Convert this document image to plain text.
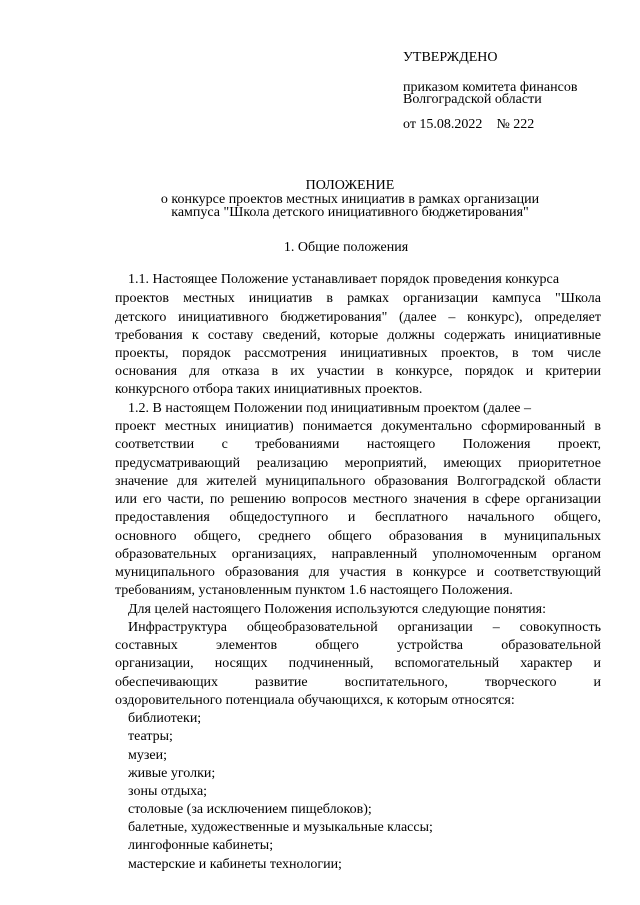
УТВЕРЖДЕНО
приказом комитета финансов
Волгоградской области
от 15.08.2022 № 222
ПОЛОЖЕНИЕ
о конкурсе проектов местных инициатив в рамках организации
кампуса "Школа детского инициативного бюджетирования"
1. Общие положения
1.1. Настоящее Положение устанавливает порядок проведения конкурса
проектов местных инициатив в рамках организации кампуса "Школа
детского инициативного бюджетирования" (далее – конкурс), определяет
требования к составу сведений, которые должны содержать инициативные
проекты, порядок рассмотрения инициативных проектов, в том числе
основания для отказа в их участии в конкурсе, порядок и критерии
конкурсного отбора таких инициативных проектов.
1.2. В настоящем Положении под инициативным проектом (далее –
проект местных инициатив) понимается документально сформированный в
соответствии с требованиями настоящего Положения проект,
предусматривающий реализацию мероприятий, имеющих приоритетное
значение для жителей муниципального образования Волгоградской области
или его части, по решению вопросов местного значения в сфере организации
предоставления общедоступного и бесплатного начального общего,
основного общего, среднего общего образования в муниципальных
образовательных организациях, направленный уполномоченным органом
муниципального образования для участия в конкурсе и соответствующий
требованиям, установленным пунктом 1.6 настоящего Положения.
Для целей настоящего Положения используются следующие понятия:
Инфраструктура общеобразовательной организации – совокупность
составных элементов общего устройства образовательной
организации, носящих подчиненный, вспомогательный характер и
обеспечивающих развитие воспитательного, творческого и
оздоровительного потенциала обучающихся, к которым относятся:
библиотеки;
театры;
музеи;
живые уголки;
зоны отдыха;
столовые (за исключением пищеблоков);
балетные, художественные и музыкальные классы;
лингофонные кабинеты;
мастерские и кабинеты технологии;
